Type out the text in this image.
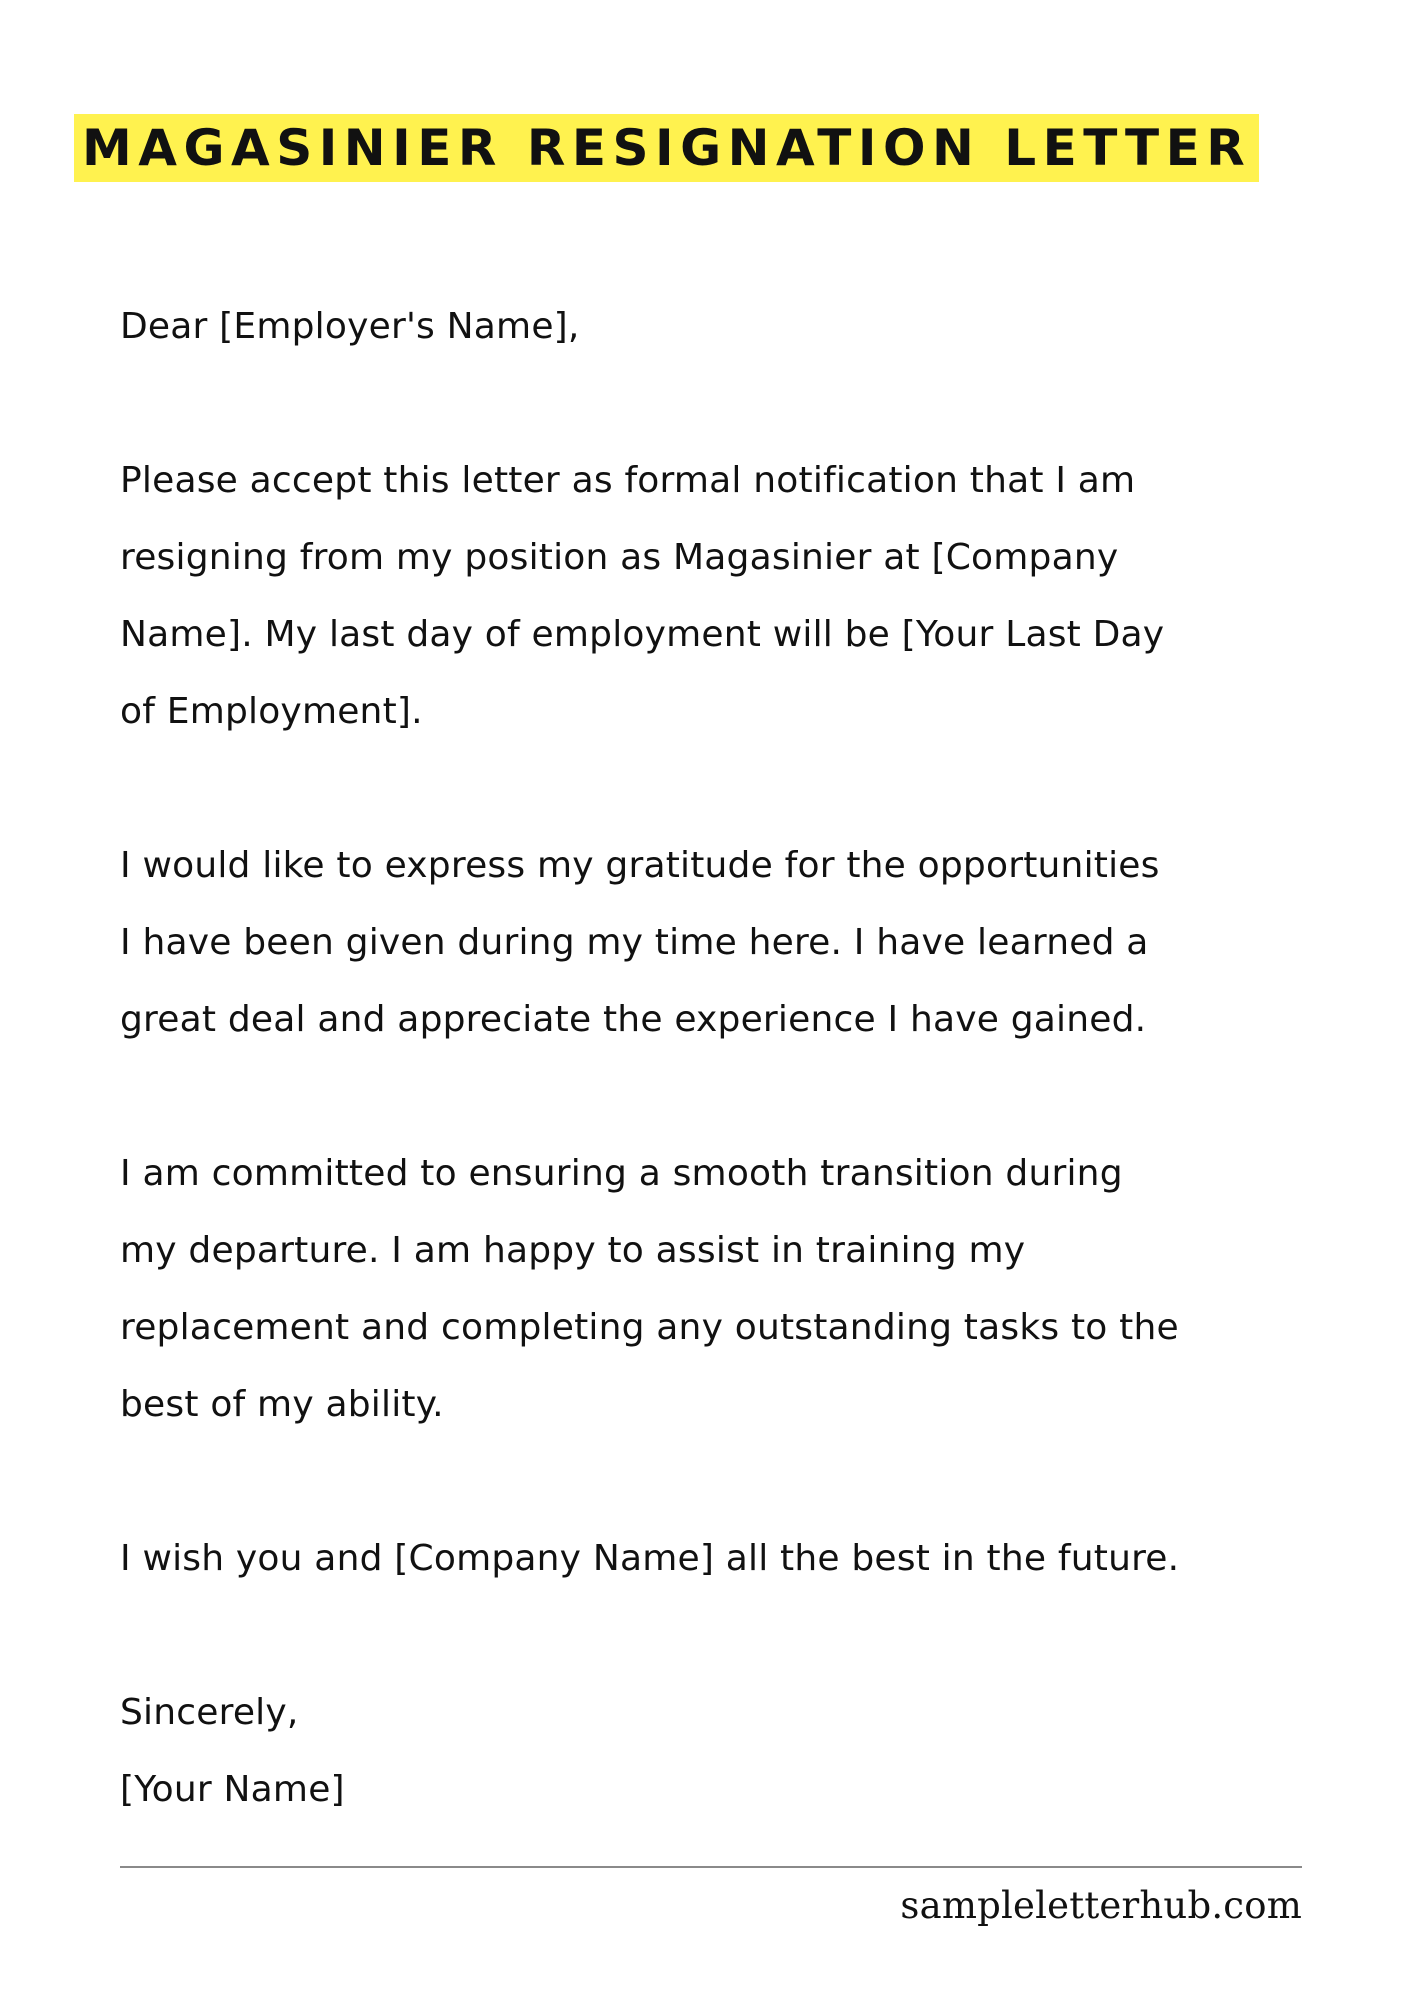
MAGASINIER RESIGNATION LETTER
Dear [Employer's Name],
Please accept this letter as formal notification that I am
resigning from my position as Magasinier at [Company
Name]. My last day of employment will be [Your Last Day
of Employment].
I would like to express my gratitude for the opportunities
I have been given during my time here. I have learned a
great deal and appreciate the experience I have gained.
I am committed to ensuring a smooth transition during
my departure. I am happy to assist in training my
replacement and completing any outstanding tasks to the
best of my ability.
I wish you and [Company Name] all the best in the future.
Sincerely,
[Your Name]
sampleletterhub.com
